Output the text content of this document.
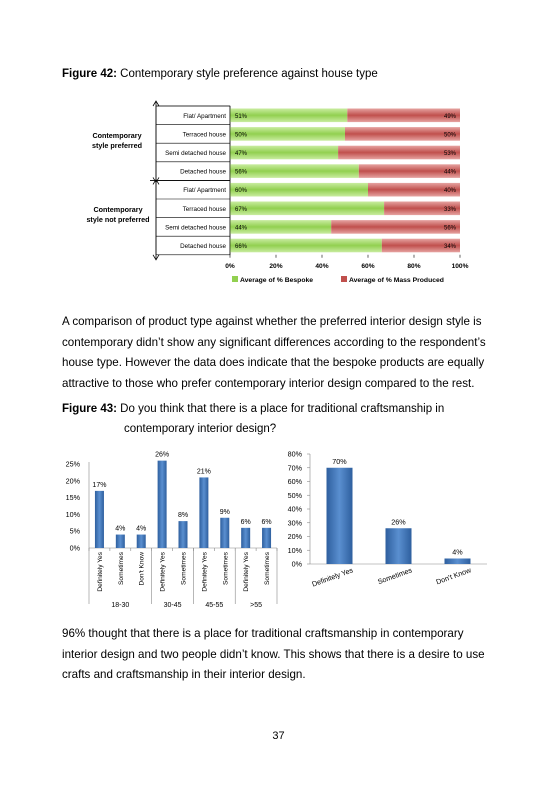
Figure 42: Contemporary style preference against house type
Flat/ Apartment 51%	49%
Terraced house 50%	50%
Semi detached house 47%	53%
Detached house 56%	44%
Flat/ Apartment 60%	40%
Terraced house 67%	33%
Semi detached house 44%	56%
Detached house 66%	34%
Contemporary
style preferred
Contemporary
style not preferred
0%	20%	40%	60%	80%	100%
Average of % Bespoke	Average of % Mass Produced
0%
5%
10%
15%
20%
25%
17%
Definitely Yes
4%
Sometimes
4%
Don't Know
26%
Definitely Yes
8%
Sometimes
21%
Definitely Yes
9%
Sometimes
6%
Definitely Yes
6%
Sometimes
18-30	30-45	45-55	>55
0%
10%
20%
30%
40%
50%
60%
70%
80%
70%
Definitely Yes
26%
Sometimes
4%
Don't Know
A comparison of product type against whether the preferred interior design style is
contemporary didn’t show any significant differences according to the respondent’s
house type. However the data does indicate that the bespoke products are equally
attractive to those who prefer contemporary interior design compared to the rest.
Figure 43: Do you think that there is a place for traditional craftsmanship in
contemporary interior design?
96% thought that there is a place for traditional craftsmanship in contemporary
interior design and two people didn’t know. This shows that there is a desire to use
crafts and craftsmanship in their interior design.
37
